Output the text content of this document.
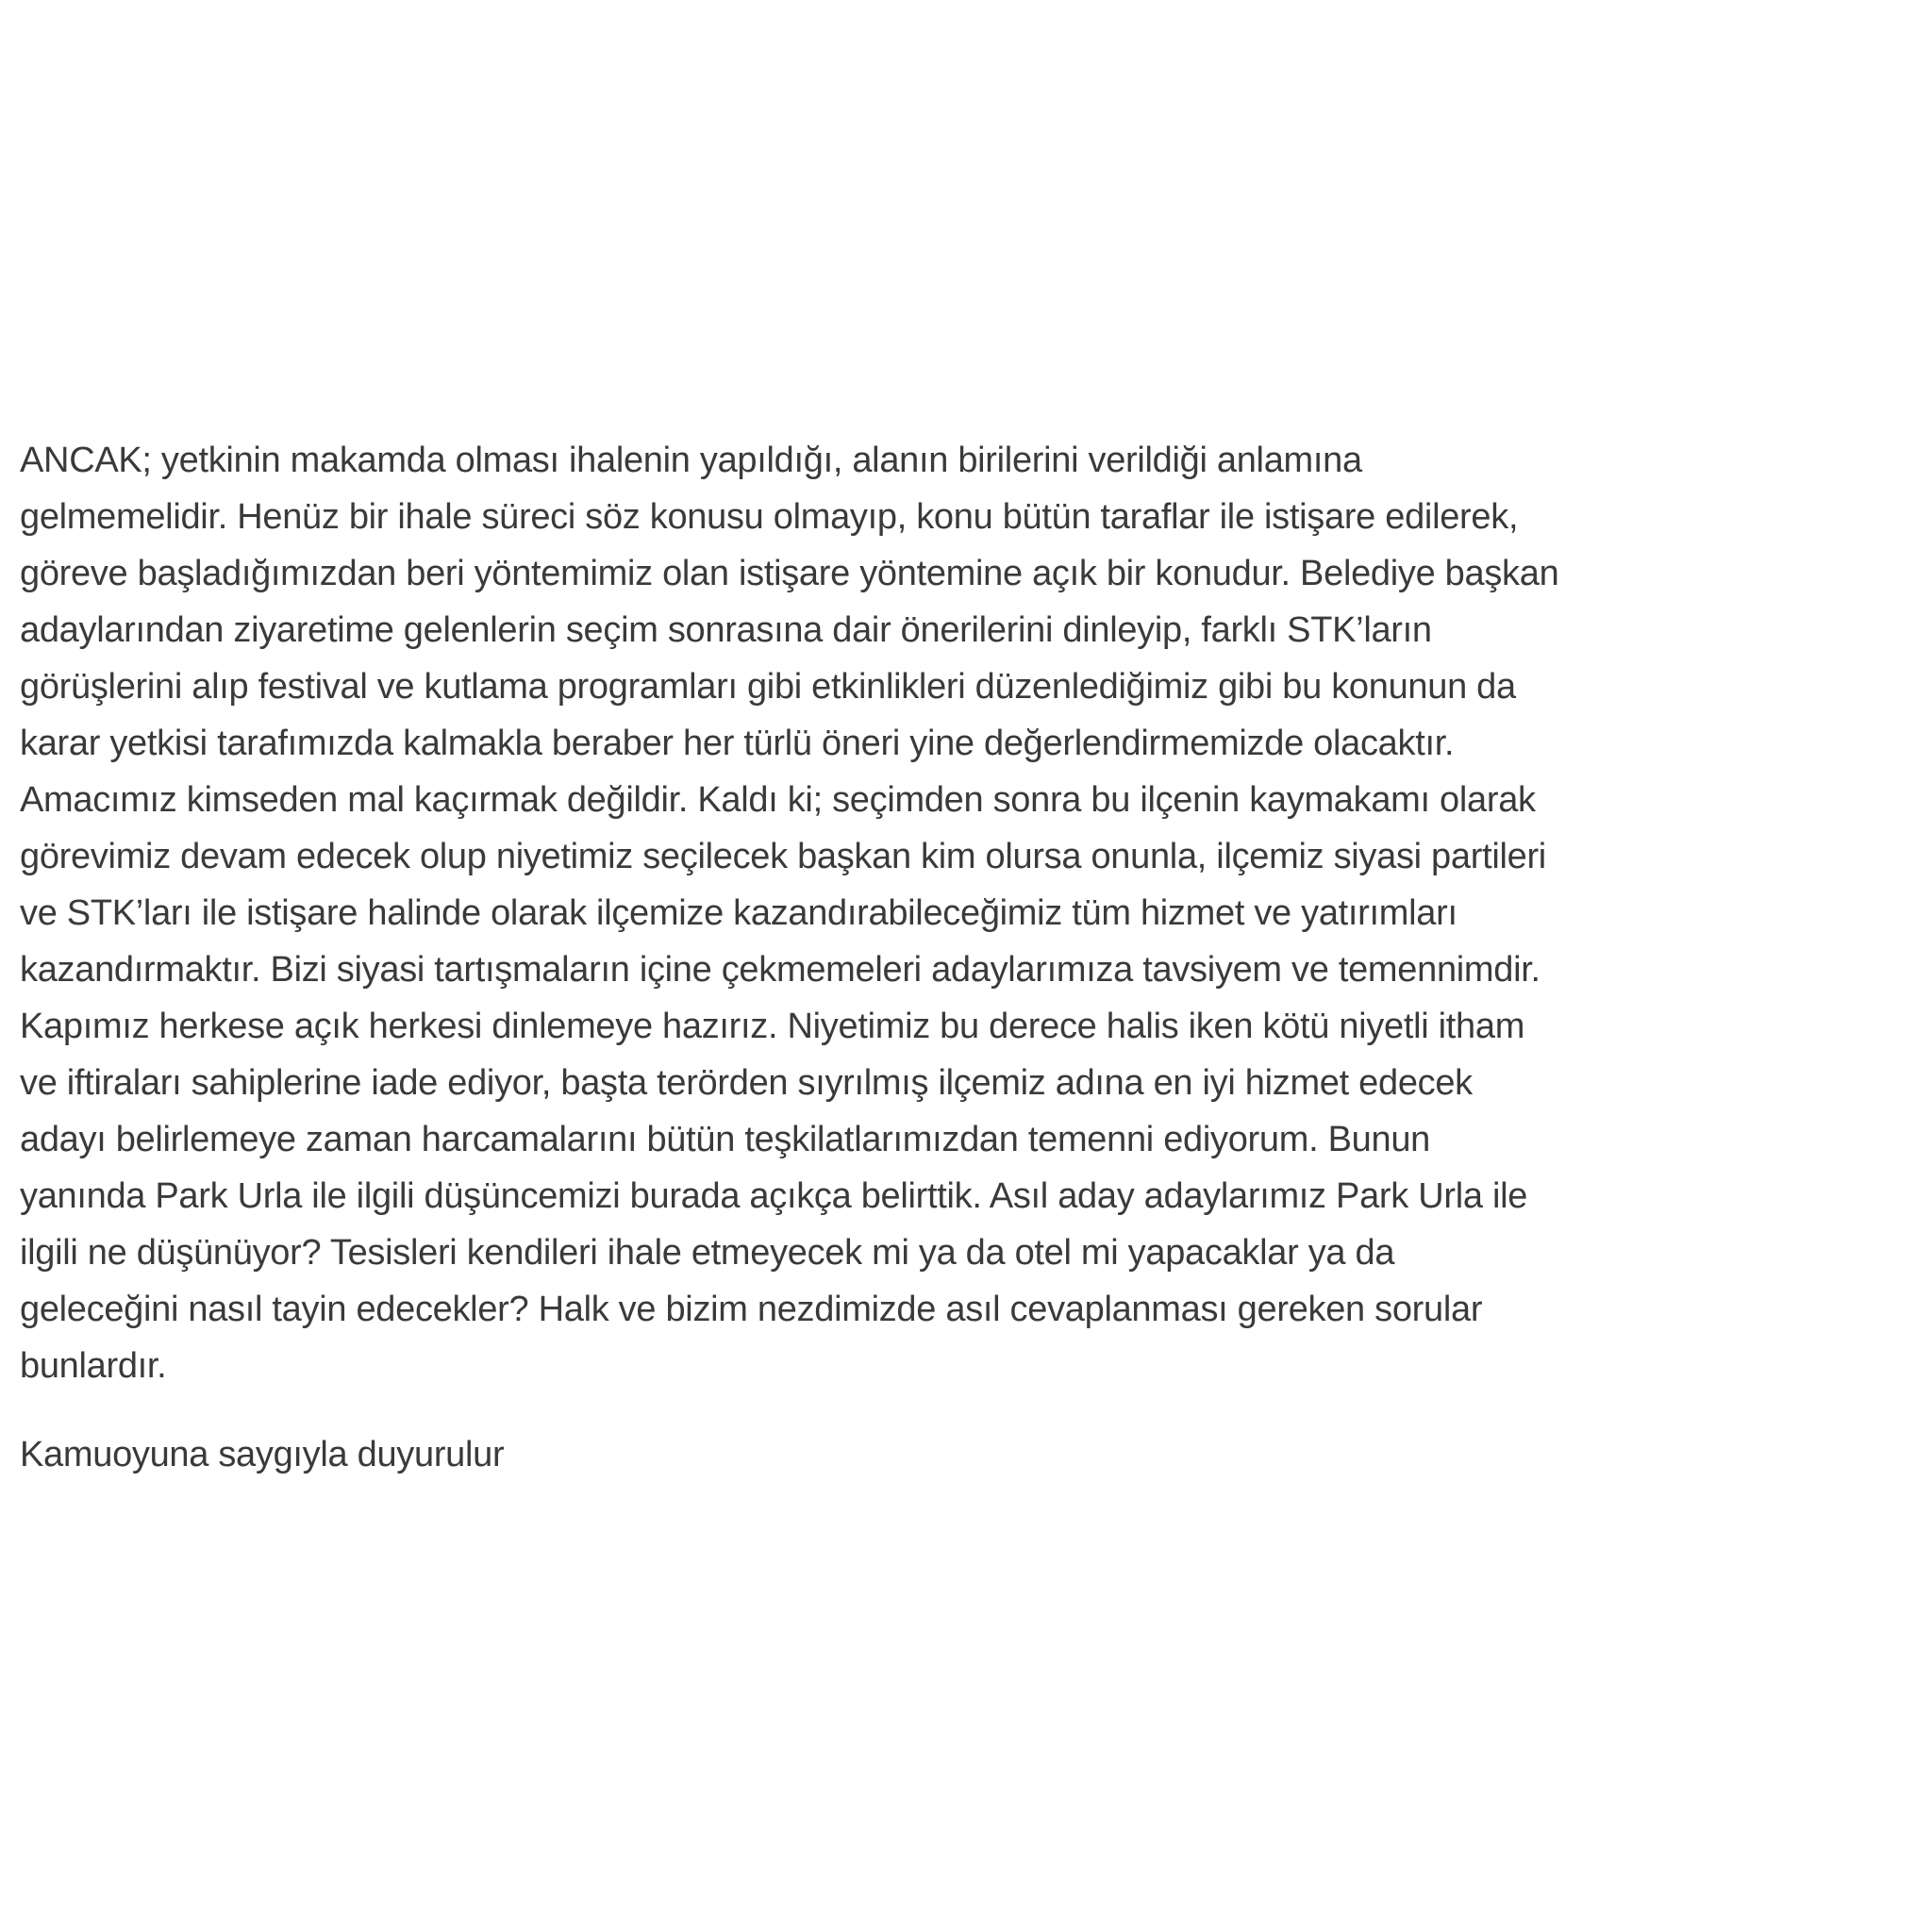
ANCAK; yetkinin makamda olması ihalenin yapıldığı, alanın birilerini verildiği anlamına
gelmemelidir. Henüz bir ihale süreci söz konusu olmayıp, konu bütün taraflar ile istişare edilerek,
göreve başladığımızdan beri yöntemimiz olan istişare yöntemine açık bir konudur. Belediye başkan
adaylarından ziyaretime gelenlerin seçim sonrasına dair önerilerini dinleyip, farklı STK’ların
görüşlerini alıp festival ve kutlama programları gibi etkinlikleri düzenlediğimiz gibi bu konunun da
karar yetkisi tarafımızda kalmakla beraber her türlü öneri yine değerlendirmemizde olacaktır.
Amacımız kimseden mal kaçırmak değildir. Kaldı ki; seçimden sonra bu ilçenin kaymakamı olarak
görevimiz devam edecek olup niyetimiz seçilecek başkan kim olursa onunla, ilçemiz siyasi partileri
ve STK’ları ile istişare halinde olarak ilçemize kazandırabileceğimiz tüm hizmet ve yatırımları
kazandırmaktır. Bizi siyasi tartışmaların içine çekmemeleri adaylarımıza tavsiyem ve temennimdir.
Kapımız herkese açık herkesi dinlemeye hazırız. Niyetimiz bu derece halis iken kötü niyetli itham
ve iftiraları sahiplerine iade ediyor, başta terörden sıyrılmış ilçemiz adına en iyi hizmet edecek
adayı belirlemeye zaman harcamalarını bütün teşkilatlarımızdan temenni ediyorum. Bunun
yanında Park Urla ile ilgili düşüncemizi burada açıkça belirttik. Asıl aday adaylarımız Park Urla ile
ilgili ne düşünüyor? Tesisleri kendileri ihale etmeyecek mi ya da otel mi yapacaklar ya da
geleceğini nasıl tayin edecekler? Halk ve bizim nezdimizde asıl cevaplanması gereken sorular
bunlardır.
Kamuoyuna saygıyla duyurulur
